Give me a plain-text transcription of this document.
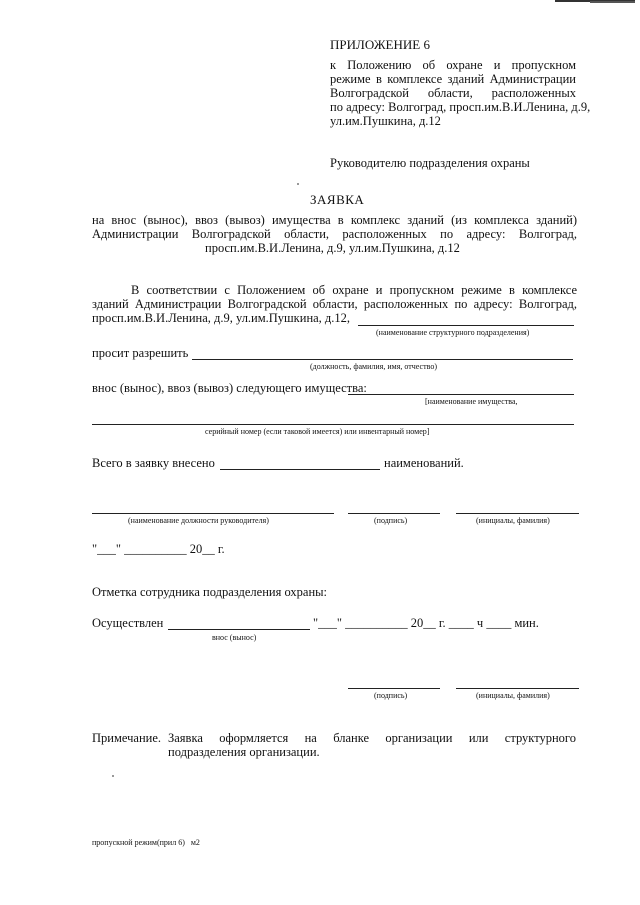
ПРИЛОЖЕНИЕ 6
к Положению об охране и пропускном
режиме в комплексе зданий Администрации
Волгоградской области, расположенных
по адресу: Волгоград, просп.им.В.И.Ленина, д.9,
ул.им.Пушкина, д.12
Руководителю подразделения охраны
ЗАЯВКА
на внос (вынос), ввоз (вывоз) имущества в комплекс зданий (из комплекса зданий)
Администрации Волгоградской области, расположенных по адресу: Волгоград,
просп.им.В.И.Ленина, д.9, ул.им.Пушкина, д.12
В соответствии с Положением об охране и пропускном режиме в комплексе
зданий Администрации Волгоградской области, расположенных по адресу: Волгоград,
просп.им.В.И.Ленина, д.9, ул.им.Пушкина, д.12,
(наименование структурного подразделения)
просит разрешить
(должность, фамилия, имя, отчество)
внос (вынос), ввоз (вывоз) следующего имущества:
[наименование имущества,
серийный номер (если таковой имеется) или инвентарный номер]
Всего в заявку внесено	наименований.
(наименование должности руководителя)	(подпись)	(инициалы, фамилия)
"___" __________ 20__ г.
Отметка сотрудника подразделения охраны:
Осуществлен	"___" __________ 20__ г. ____ ч ____ мин.
внос (вынос)
(подпись)	(инициалы, фамилия)
Примечание. Заявка оформляется на бланке организации или структурного
подразделения организации.
пропускной режим(прил 6)   м2
